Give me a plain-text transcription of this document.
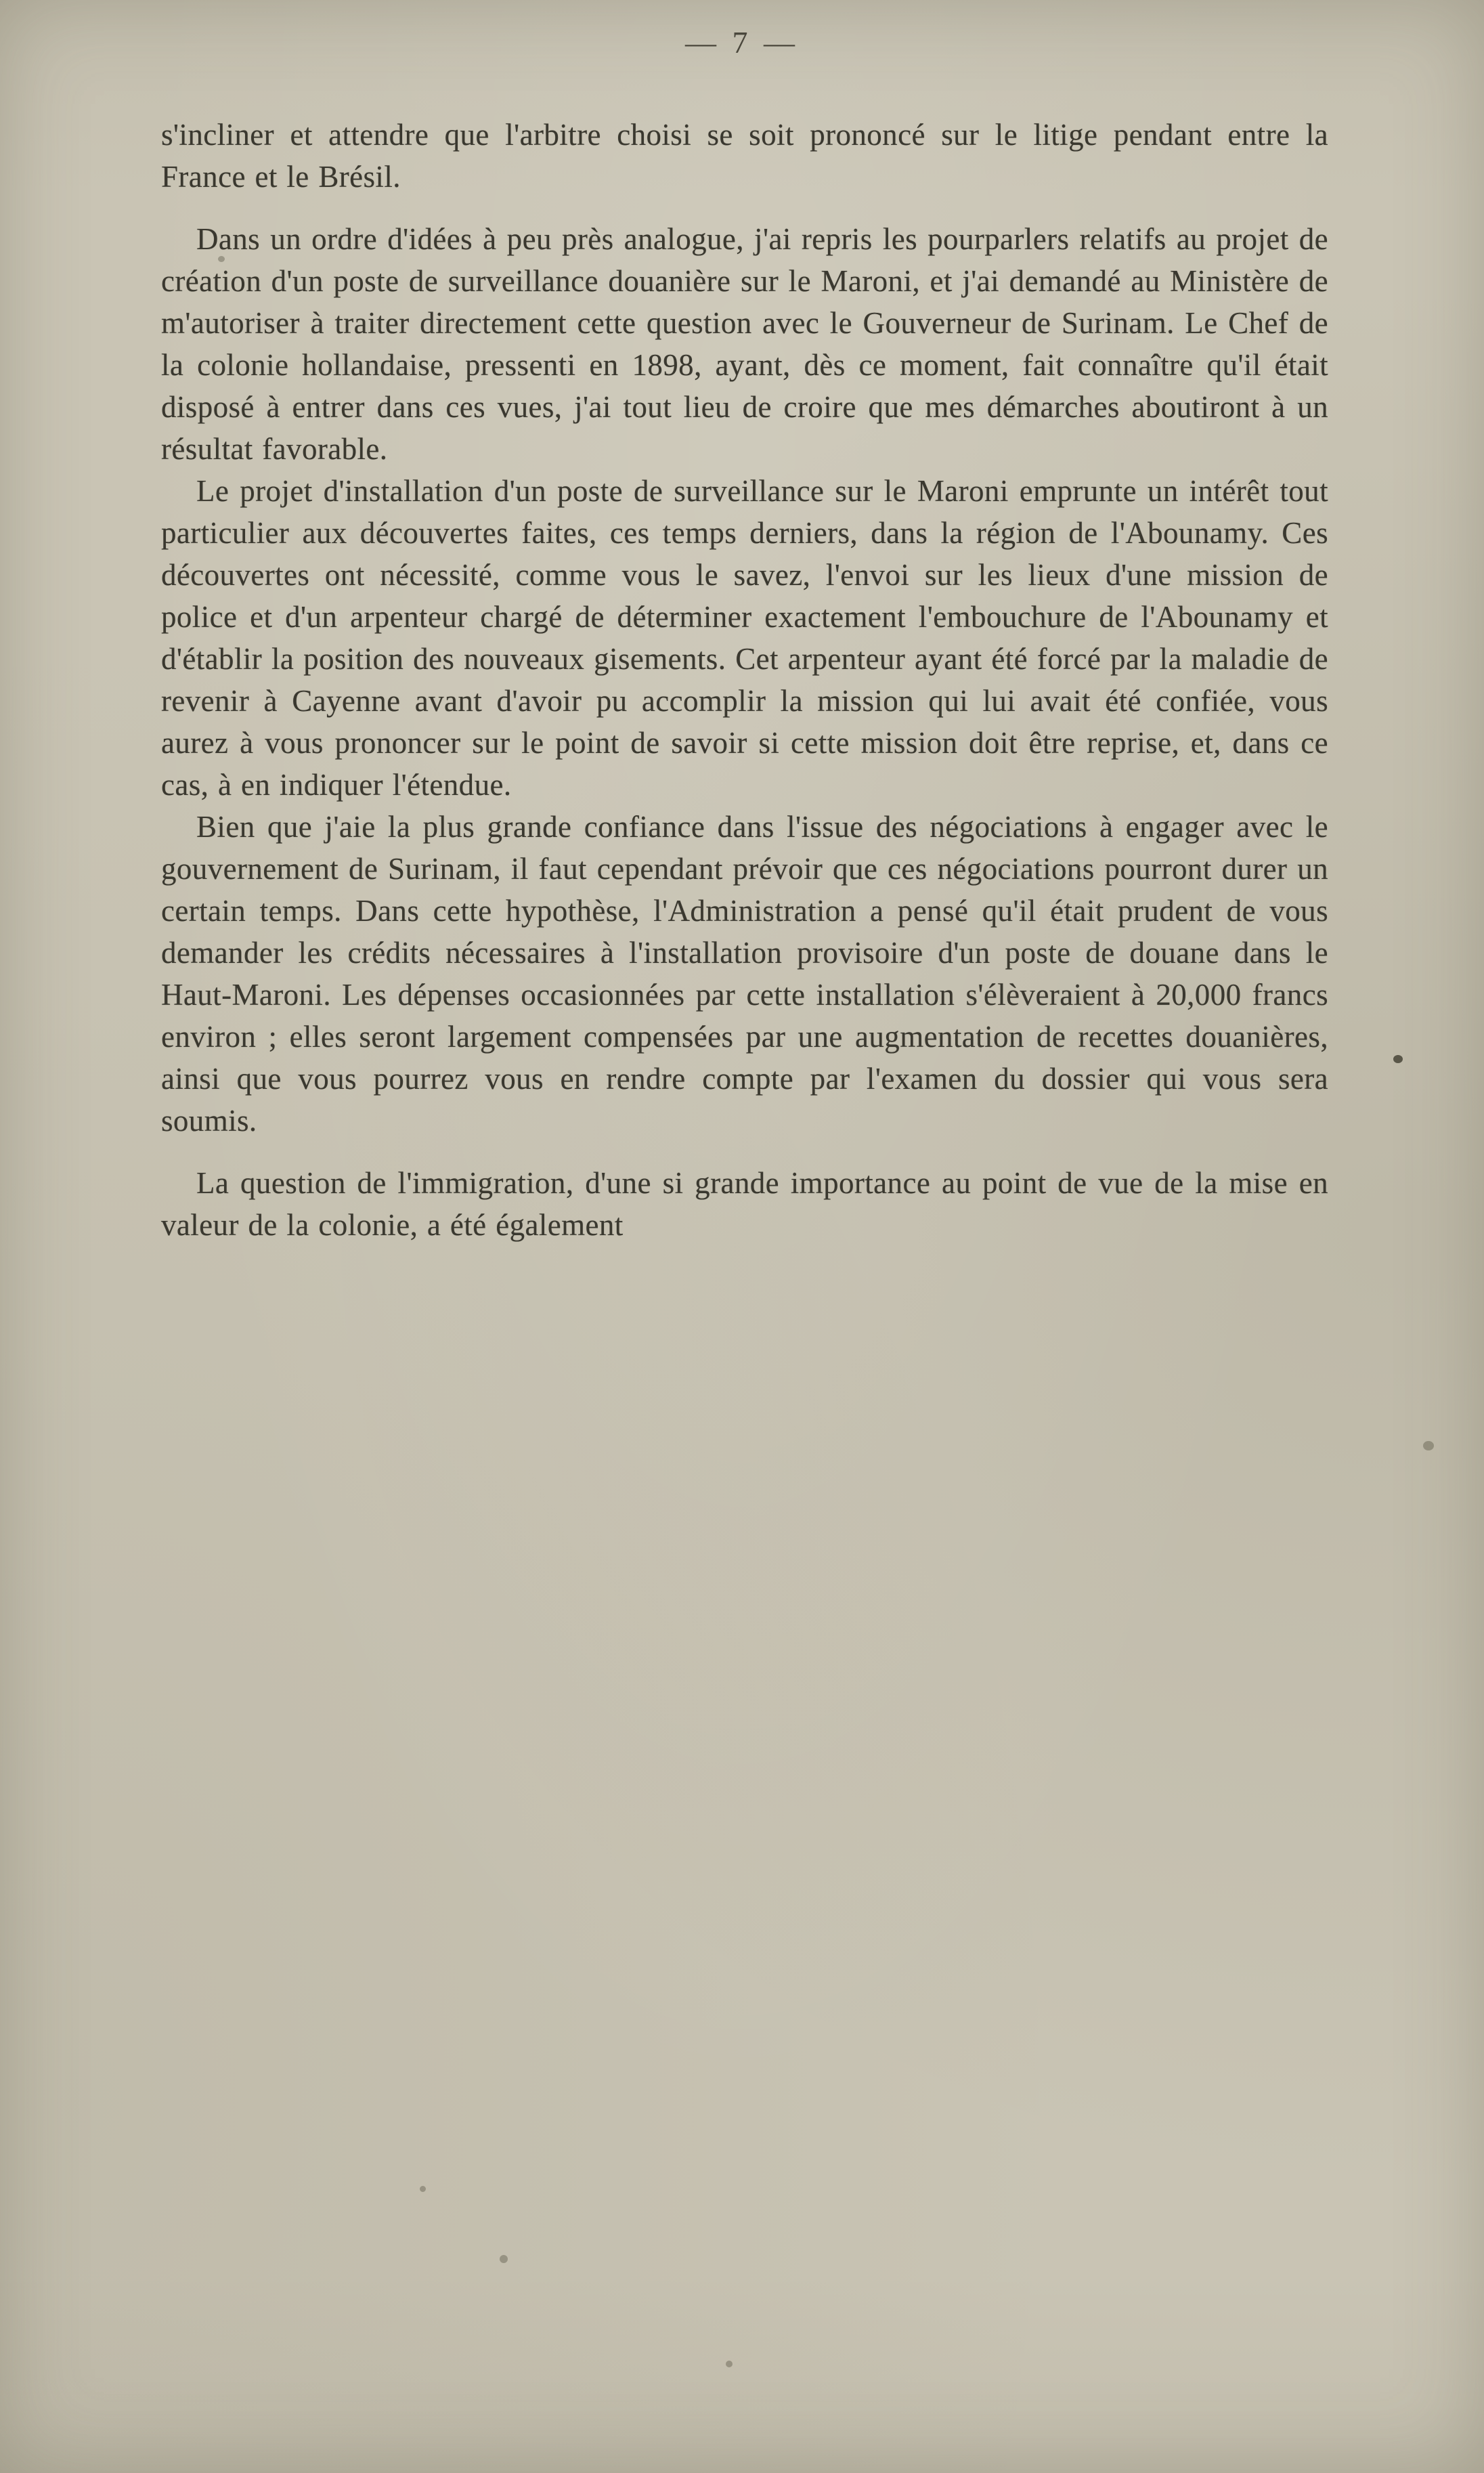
— 7 —

s'incliner et attendre que l'arbitre choisi se soit prononcé sur le litige pendant entre la France et le Brésil.

Dans un ordre d'idées à peu près analogue, j'ai repris les pourparlers relatifs au projet de création d'un poste de surveillance douanière sur le Maroni, et j'ai demandé au Ministère de m'autoriser à traiter directement cette question avec le Gouverneur de Surinam. Le Chef de la colonie hollandaise, pressenti en 1898, ayant, dès ce moment, fait connaître qu'il était disposé à entrer dans ces vues, j'ai tout lieu de croire que mes démarches aboutiront à un résultat favorable.

Le projet d'installation d'un poste de surveillance sur le Maroni emprunte un intérêt tout particulier aux découvertes faites, ces temps derniers, dans la région de l'Abounamy. Ces découvertes ont nécessité, comme vous le savez, l'envoi sur les lieux d'une mission de police et d'un arpenteur chargé de déterminer exactement l'embouchure de l'Abounamy et d'établir la position des nouveaux gisements. Cet arpenteur ayant été forcé par la maladie de revenir à Cayenne avant d'avoir pu accomplir la mission qui lui avait été confiée, vous aurez à vous prononcer sur le point de savoir si cette mission doit être reprise, et, dans ce cas, à en indiquer l'étendue.

Bien que j'aie la plus grande confiance dans l'issue des négociations à engager avec le gouvernement de Surinam, il faut cependant prévoir que ces négociations pourront durer un certain temps. Dans cette hypothèse, l'Administration a pensé qu'il était prudent de vous demander les crédits nécessaires à l'installation provisoire d'un poste de douane dans le Haut-Maroni. Les dépenses occasionnées par cette installation s'élèveraient à 20,000 francs environ ; elles seront largement compensées par une augmentation de recettes douanières, ainsi que vous pourrez vous en rendre compte par l'examen du dossier qui vous sera soumis.

La question de l'immigration, d'une si grande importance au point de vue de la mise en valeur de la colonie, a été également
